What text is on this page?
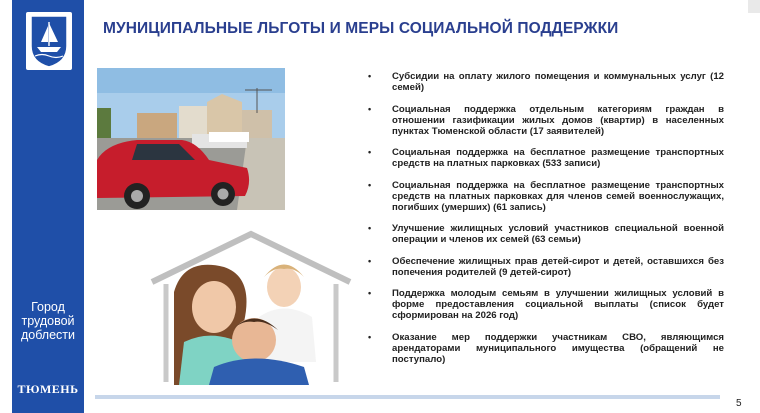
Город
трудовой
доблести
ТЮМЕНЬ
МУНИЦИПАЛЬНЫЕ ЛЬГОТЫ И МЕРЫ СОЦИАЛЬНОЙ ПОДДЕРЖКИ
• Субсидии на оплату жилого помещения и коммунальных услуг (12 семей)
• Социальная поддержка отдельным категориям граждан в отношении газификации жилых домов (квартир) в населенных пунктах Тюменской области (17 заявителей)
• Социальная поддержка на бесплатное размещение транспортных средств на платных парковках (533 записи)
• Социальная поддержка на бесплатное размещение транспортных средств на платных парковках для членов семей военнослужащих, погибших (умерших) (61 запись)
• Улучшение жилищных условий участников специальной военной операции и членов их семей (63 семьи)
• Обеспечение жилищных прав детей-сирот и детей, оставшихся без попечения родителей (9 детей-сирот)
• Поддержка молодым семьям в улучшении жилищных условий в форме предоставления социальной выплаты (список будет сформирован на 2026 год)
• Оказание мер поддержки участникам СВО, являющимся арендаторами муниципального имущества (обращений не поступало)
5
